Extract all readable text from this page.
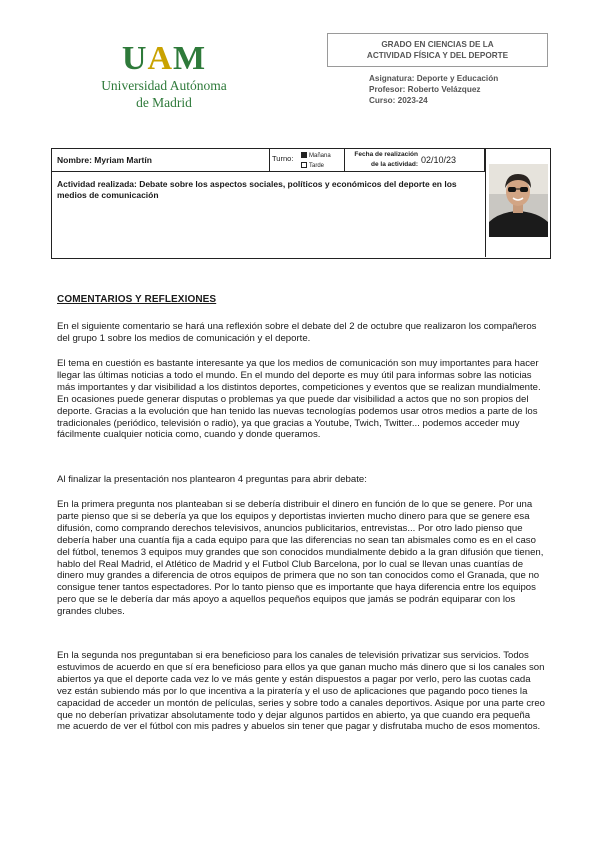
UAM
Universidad Autónoma
de Madrid
GRADO EN CIENCIAS DE LA
ACTIVIDAD FÍSICA Y DEL DEPORTE
Asignatura: Deporte y Educación
Profesor: Roberto Velázquez
Curso: 2023-24
Nombre: Myriam Martín	Turno:	Mañana
Tarde
Fecha de realización
de la actividad: 02/10/23
Actividad realizada: Debate sobre los aspectos sociales, políticos y económicos del deporte en los medios de comunicación
COMENTARIOS Y REFLEXIONES
En el siguiente comentario se hará una reflexión sobre el debate del 2 de octubre que realizaron los compañeros del grupo 1 sobre los medios de comunicación y el deporte.
El tema en cuestión es bastante interesante ya que los medios de comunicación son muy importantes para hacer llegar las últimas noticias a todo el mundo. En el mundo del deporte es muy útil para informas sobre las noticias más importantes y dar visibilidad a los distintos deportes, competiciones y eventos que se realizan mundialmente. En ocasiones puede generar disputas o problemas ya que puede dar visibilidad a actos que no son propios del deporte. Gracias a la evolución que han tenido las nuevas tecnologías podemos usar otros medios a parte de los tradicionales (periódico, televisión o radio), ya que gracias a Youtube, Twich, Twitter... podemos acceder muy fácilmente cualquier noticia como, cuando y donde queramos.
Al finalizar la presentación nos plantearon 4 preguntas para abrir debate:
En la primera pregunta nos planteaban si se debería distribuir el dinero en función de lo que se genere. Por una parte pienso que si se debería ya que los equipos y deportistas invierten mucho dinero para que se genere esa difusión, como comprando derechos televisivos, anuncios publicitarios, entrevistas... Por otro lado pienso que debería haber una cuantía fija a cada equipo para que las diferencias no sean tan abismales como es en el caso del fútbol, tenemos 3 equipos muy grandes que son conocidos mundialmente debido a la gran difusión que tienen, hablo del Real Madrid, el Atlético de Madrid y el Futbol Club Barcelona, por lo cual se llevan unas cuantías de dinero muy grandes a diferencia de otros equipos de primera que no son tan conocidos como el Granada, que no consigue tener tantos espectadores. Por lo tanto pienso que es importante que haya diferencia entre los equipos pero que se le debería dar más apoyo a aquellos pequeños equipos que jamás se podrán equiparar con los grandes clubes.
En la segunda nos preguntaban si era beneficioso para los canales de televisión privatizar sus servicios. Todos estuvimos de acuerdo en que sí era beneficioso para ellos ya que ganan mucho más dinero que si los canales son abiertos ya que el deporte cada vez lo ve más gente y están dispuestos a pagar por verlo, pero las cuotas cada vez están subiendo más por lo que incentiva a la piratería y el uso de aplicaciones que pagando poco tienes la capacidad de acceder un montón de películas, series y sobre todo a canales deportivos. Asique por una parte creo que no deberían privatizar absolutamente todo y dejar algunos partidos en abierto, ya que cuando era pequeña me acuerdo de ver el fútbol con mis padres y abuelos sin tener que pagar y disfrutaba mucho de esos momentos.
